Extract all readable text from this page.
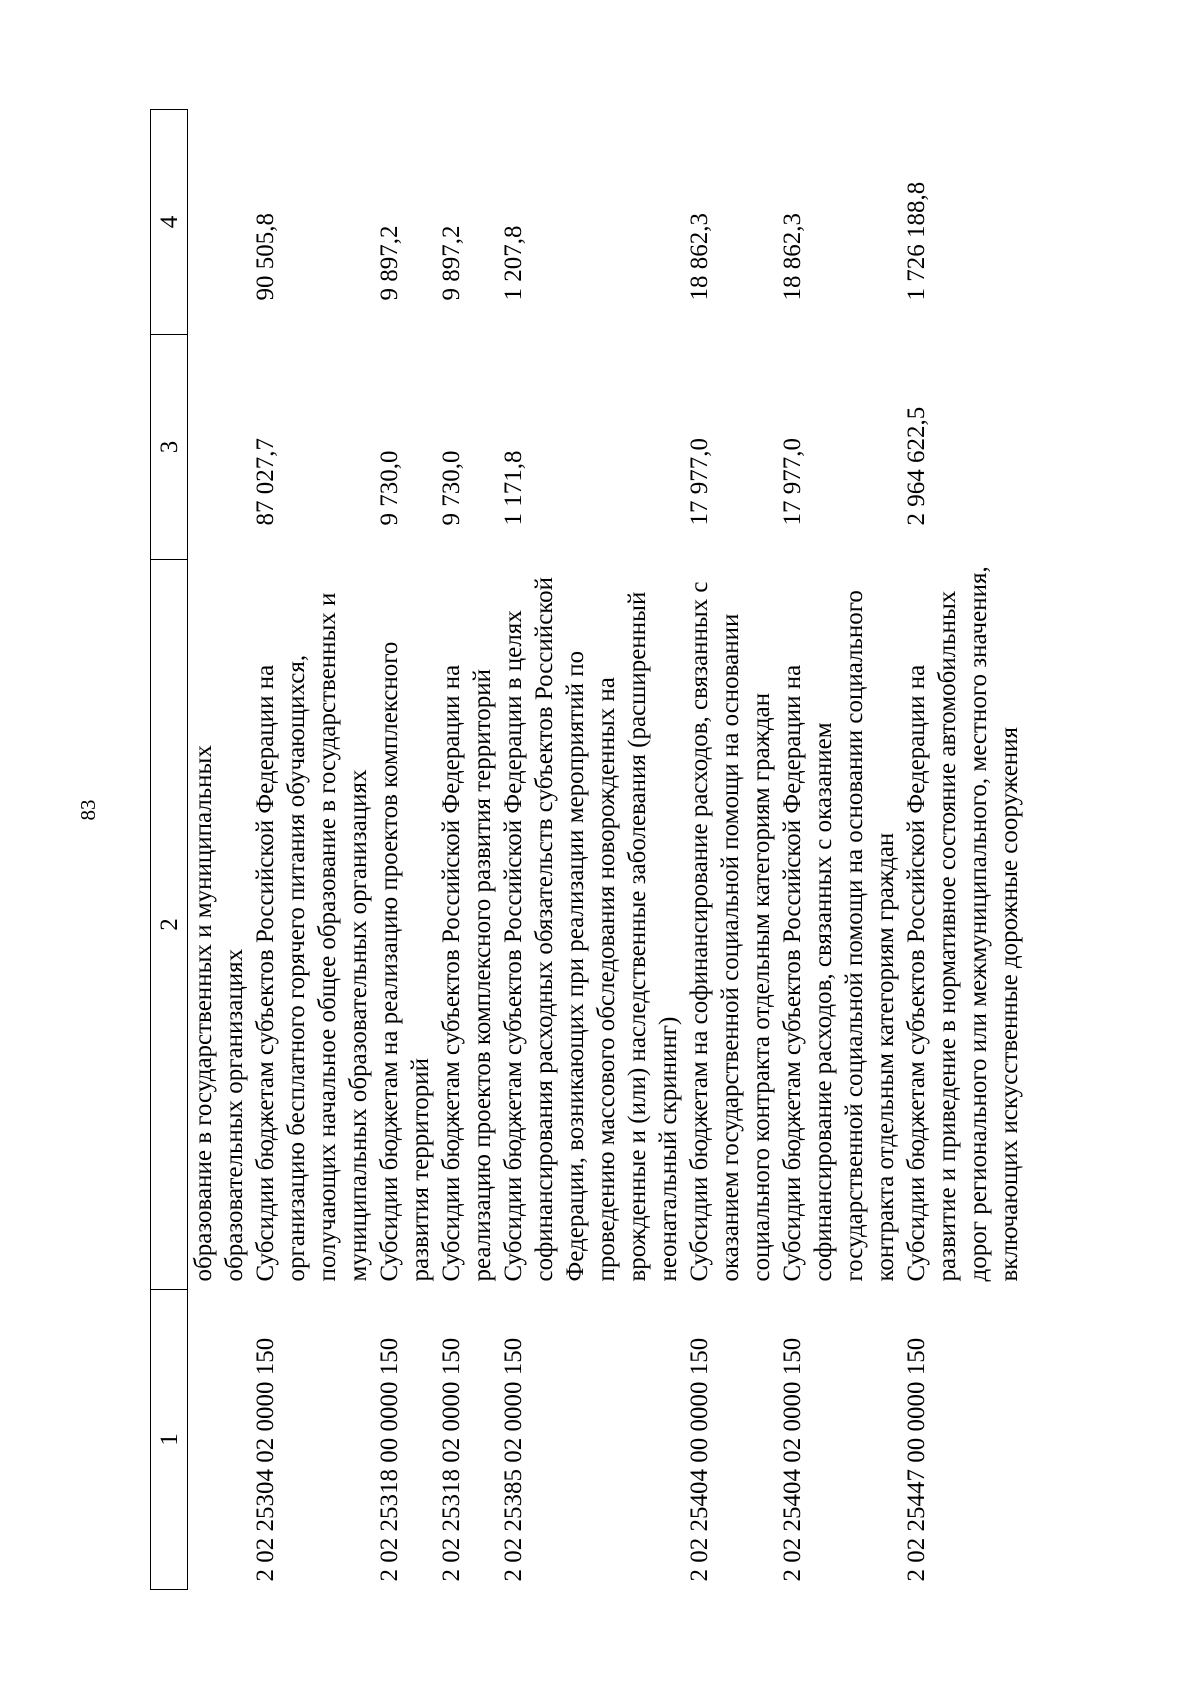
83
1	2	3	4
	образование в государственных и муниципальных образовательных организациях		
2 02 25304 02 0000 150	Субсидии бюджетам субъектов Российской Федерации на организацию бесплатного горячего питания обучающихся, получающих начальное общее образование в государственных и муниципальных образовательных организациях	87 027,7	90 505,8
2 02 25318 00 0000 150	Субсидии бюджетам на реализацию проектов комплексного развития территорий	9 730,0	9 897,2
2 02 25318 02 0000 150	Субсидии бюджетам субъектов Российской Федерации на реализацию проектов комплексного развития территорий	9 730,0	9 897,2
2 02 25385 02 0000 150	Субсидии бюджетам субъектов Российской Федерации в целях софинансирования расходных обязательств субъектов Российской Федерации, возникающих при реализации мероприятий по проведению массового обследования новорожденных на врожденные и (или) наследственные заболевания (расширенный неонатальный скрининг)	1 171,8	1 207,8
2 02 25404 00 0000 150	Субсидии бюджетам на софинансирование расходов, связанных с оказанием государственной социальной помощи на основании социального контракта отдельным категориям граждан	17 977,0	18 862,3
2 02 25404 02 0000 150	Субсидии бюджетам субъектов Российской Федерации на софинансирование расходов, связанных с оказанием государственной социальной помощи на основании социального контракта отдельным категориям граждан	17 977,0	18 862,3
2 02 25447 00 0000 150	Субсидии бюджетам субъектов Российской Федерации на развитие и приведение в нормативное состояние автомобильных дорог регионального или межмуниципального, местного значения, включающих искусственные дорожные сооружения	2 964 622,5	1 726 188,8
